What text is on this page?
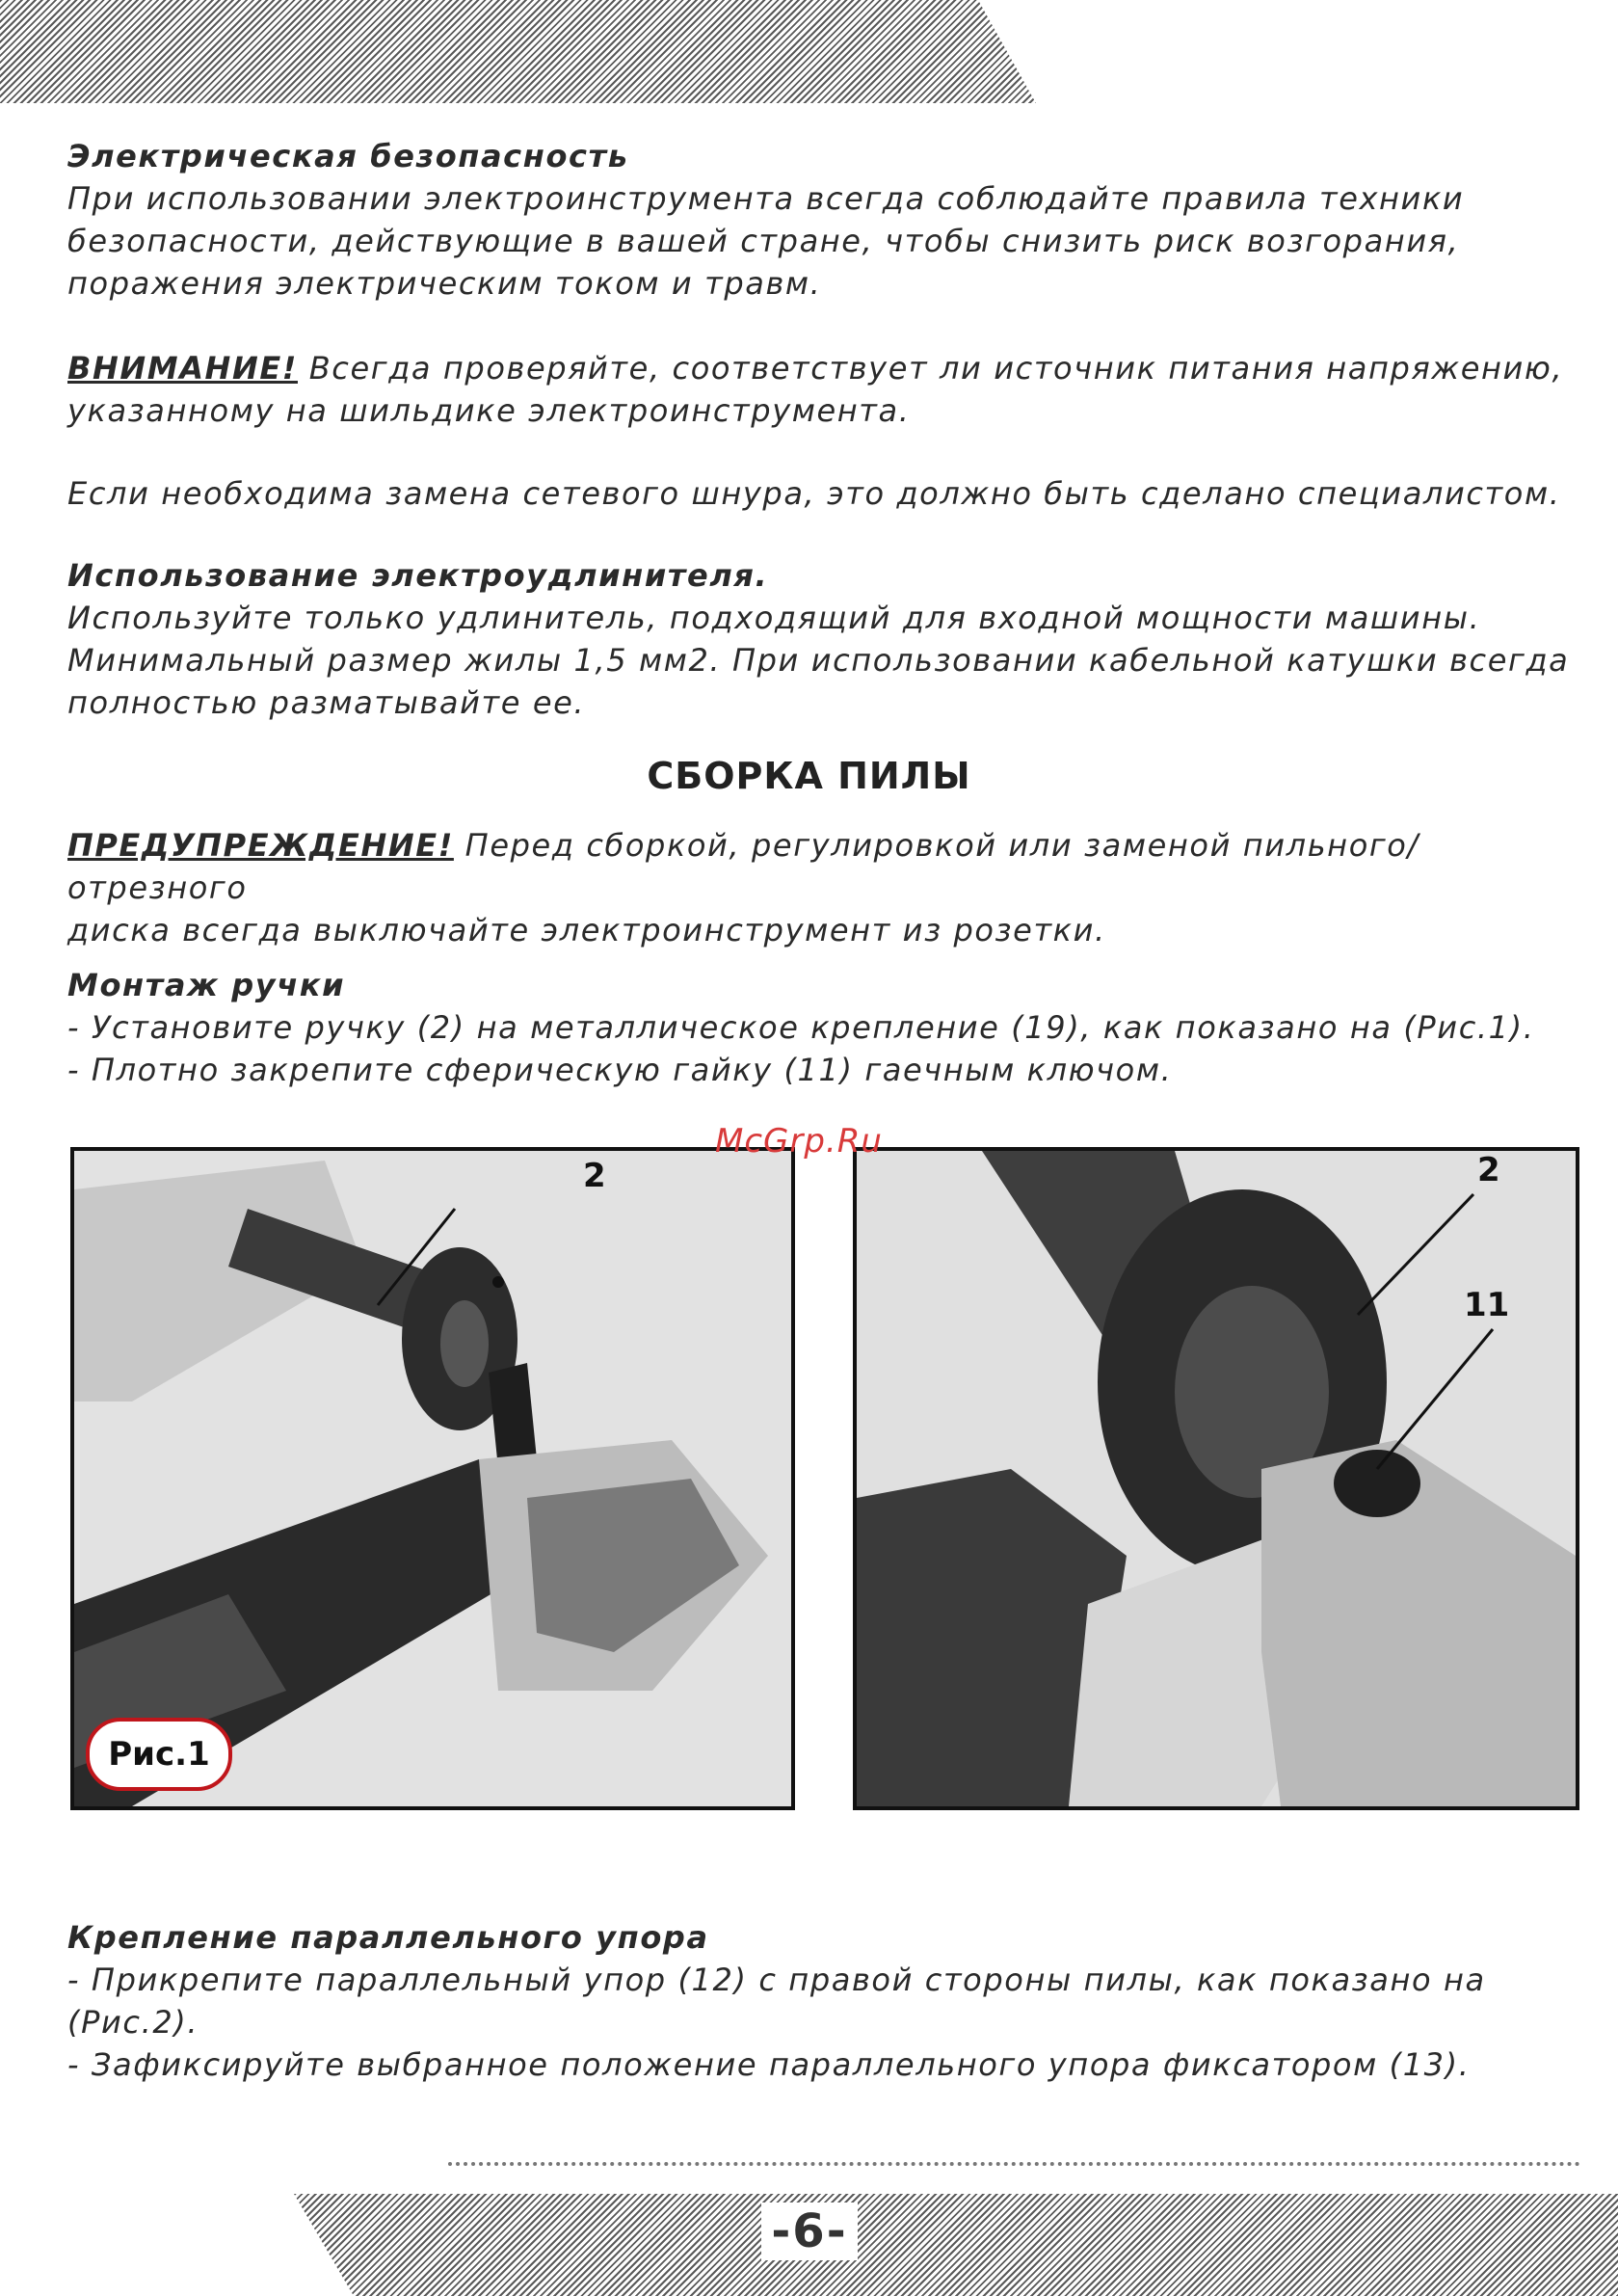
Электрическая безопасность

При использовании электроинструмента всегда соблюдайте правила техники

безопасности, действующие в вашей стране, чтобы снизить риск возгорания,

поражения электрическим током и травм.

ВНИМАНИЕ! Всегда проверяйте, соответствует ли источник питания напряжению,

указанному на шильдике электроинструмента.

Если необходима замена сетевого шнура, это должно быть сделано специалистом.

Использование электроудлинителя.

Используйте только удлинитель, подходящий для входной мощности машины.

Минимальный размер жилы 1,5 мм2. При использовании кабельной катушки всегда

полностью разматывайте ее.

СБОРКА ПИЛЫ

ПРЕДУПРЕЖДЕНИЕ! Перед сборкой, регулировкой или заменой пильного/отрезного

диска всегда выключайте электроинструмент из розетки.

Монтаж ручки

- Установите ручку (2) на металлическое крепление (19), как показано на (Рис.1).

- Плотно закрепите сферическую гайку (11) гаечным ключом.

2
Рис.1
2
11
McGrp.Ru

Крепление параллельного упора

- Прикрепите параллельный упор (12) с правой стороны пилы, как показано на (Рис.2).

- Зафиксируйте выбранное положение параллельного упора фиксатором (13).

-6-
